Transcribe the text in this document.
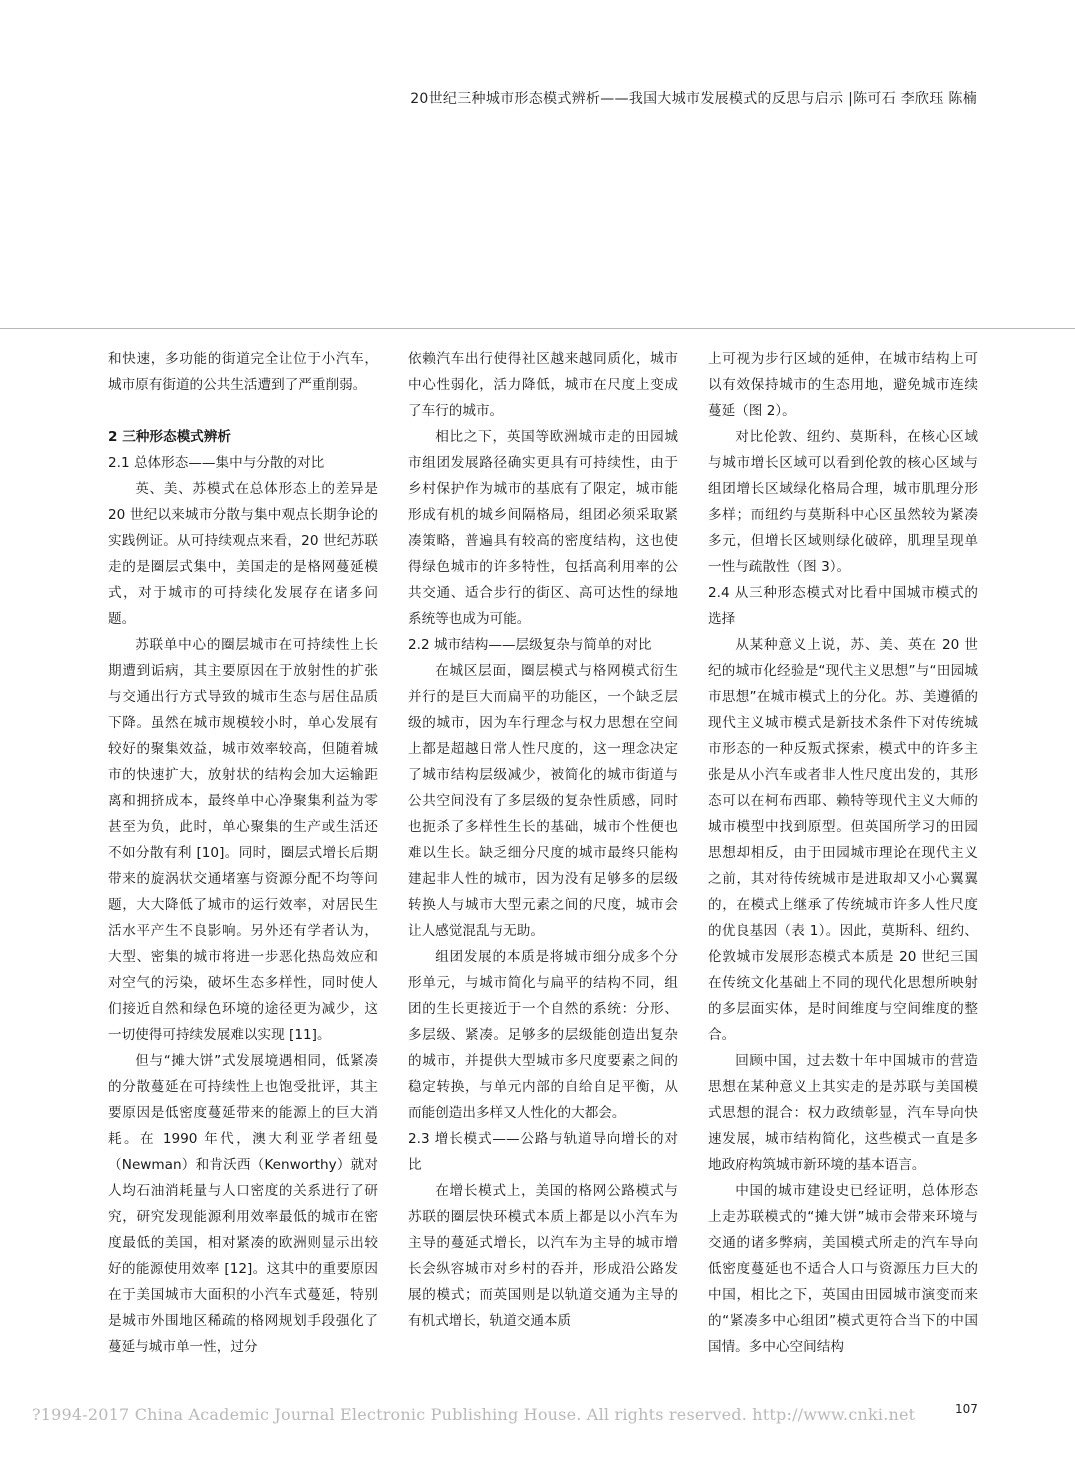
20世纪三种城市形态模式辨析——我国大城市发展模式的反思与启示 |陈可石 李欣珏 陈楠

和快速，多功能的街道完全让位于小汽车，城市原有街道的公共生活遭到了严重削弱。

2 三种形态模式辨析
2.1 总体形态——集中与分散的对比

英、美、苏模式在总体形态上的差异是 20 世纪以来城市分散与集中观点长期争论的实践例证。从可持续观点来看，20 世纪苏联走的是圈层式集中，美国走的是格网蔓延模式，对于城市的可持续化发展存在诸多问题。

苏联单中心的圈层城市在可持续性上长期遭到诟病，其主要原因在于放射性的扩张与交通出行方式导致的城市生态与居住品质下降。虽然在城市规模较小时，单心发展有较好的聚集效益，城市效率较高，但随着城市的快速扩大，放射状的结构会加大运输距离和拥挤成本，最终单中心净聚集利益为零甚至为负，此时，单心聚集的生产或生活还不如分散有利 [10]。同时，圈层式增长后期带来的旋涡状交通堵塞与资源分配不均等问题，大大降低了城市的运行效率，对居民生活水平产生不良影响。另外还有学者认为，大型、密集的城市将进一步恶化热岛效应和对空气的污染，破坏生态多样性，同时使人们接近自然和绿色环境的途径更为减少，这一切使得可持续发展难以实现 [11]。

但与“摊大饼”式发展境遇相同，低紧凑的分散蔓延在可持续性上也饱受批评，其主要原因是低密度蔓延带来的能源上的巨大消耗。在 1990 年代，澳大利亚学者纽曼（Newman）和肯沃西（Kenworthy）就对人均石油消耗量与人口密度的关系进行了研究，研究发现能源利用效率最低的城市在密度最低的美国，相对紧凑的欧洲则显示出较好的能源使用效率 [12]。这其中的重要原因在于美国城市大面积的小汽车式蔓延，特别是城市外围地区稀疏的格网规划手段强化了蔓延与城市单一性，过分

依赖汽车出行使得社区越来越同质化，城市中心性弱化，活力降低，城市在尺度上变成了车行的城市。

相比之下，英国等欧洲城市走的田园城市组团发展路径确实更具有可持续性，由于乡村保护作为城市的基底有了限定，城市能形成有机的城乡间隔格局，组团必须采取紧凑策略，普遍具有较高的密度结构，这也使得绿色城市的许多特性，包括高利用率的公共交通、适合步行的街区、高可达性的绿地系统等也成为可能。

2.2 城市结构——层级复杂与简单的对比

在城区层面，圈层模式与格网模式衍生并行的是巨大而扁平的功能区，一个缺乏层级的城市，因为车行理念与权力思想在空间上都是超越日常人性尺度的，这一理念决定了城市结构层级减少，被简化的城市街道与公共空间没有了多层级的复杂性质感，同时也扼杀了多样性生长的基础，城市个性便也难以生长。缺乏细分尺度的城市最终只能构建起非人性的城市，因为没有足够多的层级转换人与城市大型元素之间的尺度，城市会让人感觉混乱与无助。

组团发展的本质是将城市细分成多个分形单元，与城市简化与扁平的结构不同，组团的生长更接近于一个自然的系统：分形、多层级、紧凑。足够多的层级能创造出复杂的城市，并提供大型城市多尺度要素之间的稳定转换，与单元内部的自给自足平衡，从而能创造出多样又人性化的大都会。

2.3 增长模式——公路与轨道导向增长的对比

在增长模式上，美国的格网公路模式与苏联的圈层快环模式本质上都是以小汽车为主导的蔓延式增长，以汽车为主导的城市增长会纵容城市对乡村的吞并，形成沿公路发展的模式；而英国则是以轨道交通为主导的有机式增长，轨道交通本质

上可视为步行区域的延伸，在城市结构上可以有效保持城市的生态用地，避免城市连续蔓延（图 2）。

对比伦敦、纽约、莫斯科，在核心区域与城市增长区域可以看到伦敦的核心区域与组团增长区域绿化格局合理，城市肌理分形多样；而纽约与莫斯科中心区虽然较为紧凑多元，但增长区域则绿化破碎，肌理呈现单一性与疏散性（图 3）。

2.4 从三种形态模式对比看中国城市模式的选择

从某种意义上说，苏、美、英在 20 世纪的城市化经验是“现代主义思想”与“田园城市思想”在城市模式上的分化。苏、美遵循的现代主义城市模式是新技术条件下对传统城市形态的一种反叛式探索，模式中的许多主张是从小汽车或者非人性尺度出发的，其形态可以在柯布西耶、赖特等现代主义大师的城市模型中找到原型。但英国所学习的田园思想却相反，由于田园城市理论在现代主义之前，其对待传统城市是进取却又小心翼翼的，在模式上继承了传统城市许多人性尺度的优良基因（表 1）。因此，莫斯科、纽约、伦敦城市发展形态模式本质是 20 世纪三国在传统文化基础上不同的现代化思想所映射的多层面实体，是时间维度与空间维度的整合。

回顾中国，过去数十年中国城市的营造思想在某种意义上其实走的是苏联与美国模式思想的混合：权力政绩彰显，汽车导向快速发展，城市结构简化，这些模式一直是多地政府构筑城市新环境的基本语言。

中国的城市建设史已经证明，总体形态上走苏联模式的“摊大饼”城市会带来环境与交通的诸多弊病，美国模式所走的汽车导向低密度蔓延也不适合人口与资源压力巨大的中国，相比之下，英国由田园城市演变而来的“紧凑多中心组团”模式更符合当下的中国国情。多中心空间结构

?1994-2017 China Academic Journal Electronic Publishing House. All rights reserved. http://www.cnki.net	107
